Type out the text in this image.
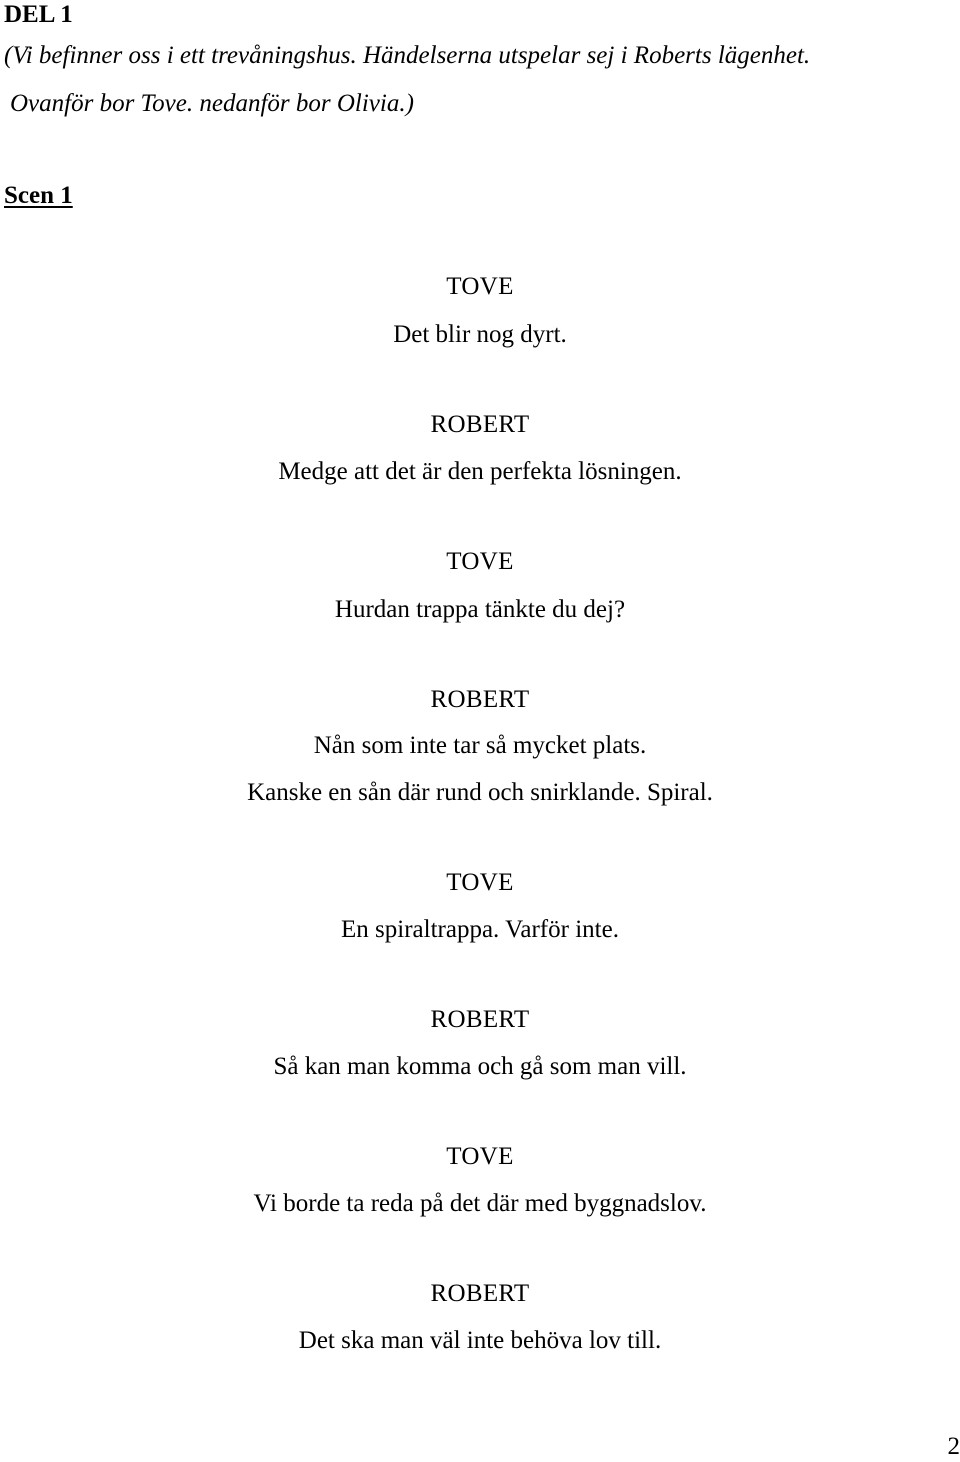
DEL 1
(Vi befinner oss i ett trevåningshus. Händelserna utspelar sej i Roberts lägenhet.
Ovanför bor Tove. nedanför bor Olivia.)
Scen 1
TOVE
Det blir nog dyrt.
ROBERT
Medge att det är den perfekta lösningen.
TOVE
Hurdan trappa tänkte du dej?
ROBERT
Nån som inte tar så mycket plats.
Kanske en sån där rund och snirklande. Spiral.
TOVE
En spiraltrappa. Varför inte.
ROBERT
Så kan man komma och gå som man vill.
TOVE
Vi borde ta reda på det där med byggnadslov.
ROBERT
Det ska man väl inte behöva lov till.
2
